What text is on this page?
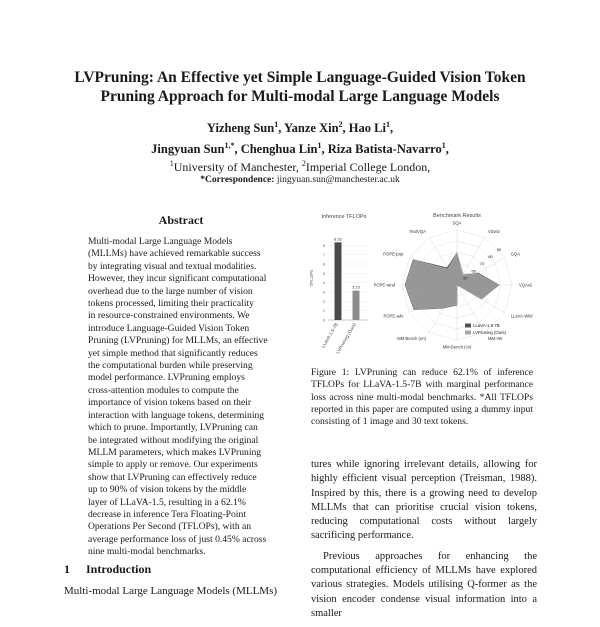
LVPruning: An Effective yet Simple Language-Guided Vision Token
Pruning Approach for Multi-modal Large Language Models
Yizheng Sun$^1$, Yanze Xin$^2$, Hao Li$^1$,
Jingyuan Sun$^{1,*}$, Chenghua Lin$^1$, Riza Batista-Navarro$^1$,
$^1$University of Manchester, $^2$Imperial College London,
*Correspondence: jingyuan.sun@manchester.ac.uk
Abstract
Multi-modal Large Language Models
(MLLMs) have achieved remarkable success
by integrating visual and textual modalities.
However, they incur significant computational
overhead due to the large number of vision
tokens processed, limiting their practicality
in resource-constrained environments. We
introduce Language-Guided Vision Token
Pruning (LVPruning) for MLLMs, an effective
yet simple method that significantly reduces
the computational burden while preserving
model performance. LVPruning employs
cross-attention modules to compute the
importance of vision tokens based on their
interaction with language tokens, determining
which to prune. Importantly, LVPruning can
be integrated without modifying the original
MLLM parameters, which makes LVPruning
simple to apply or remove. Our experiments
show that LVPruning can effectively reduce
up to 90% of vision tokens by the middle
layer of LLaVA-1.5, resulting in a 62.1%
decrease in inference Tera Floating-Point
Operations Per Second (TFLOPs), with an
average performance loss of just 0.45% across
nine multi-modal benchmarks.
1 Introduction
Multi-modal Large Language Models (MLLMs)
Inference TFLOPs
0
1
2
3
4
5
6
7
8
TFLOPs
8.32
LLaVA-1.5-7B
3.15
LVPruning (Ours)
Benchmark Results
50
60
70
80
90
SQA
Vizwiz
GQA
VQAv2
LLaVA-Wild
MM-Vet
MM-Bench (cn)
MM-Bench (en)
POPE-adv
POPE-rand
POPE-pop
TextVQA
LLaVA-1.5-7B
LVPruning (Ours)
Figure 1: LVPruning can reduce 62.1% of inference TFLOPs for LLaVA-1.5-7B with marginal performance loss across nine multi-modal benchmarks. *All TFLOPs reported in this paper are computed using a dummy input consisting of 1 image and 30 text tokens.

tures while ignoring irrelevant details, allowing for highly efficient visual perception (Treisman, 1988). Inspired by this, there is a growing need to develop MLLMs that can prioritise crucial vision tokens, reducing computational costs without largely sacrificing performance.

Previous approaches for enhancing the computational efficiency of MLLMs have explored various strategies. Models utilising Q-former as the vision encoder condense visual information into a smaller
